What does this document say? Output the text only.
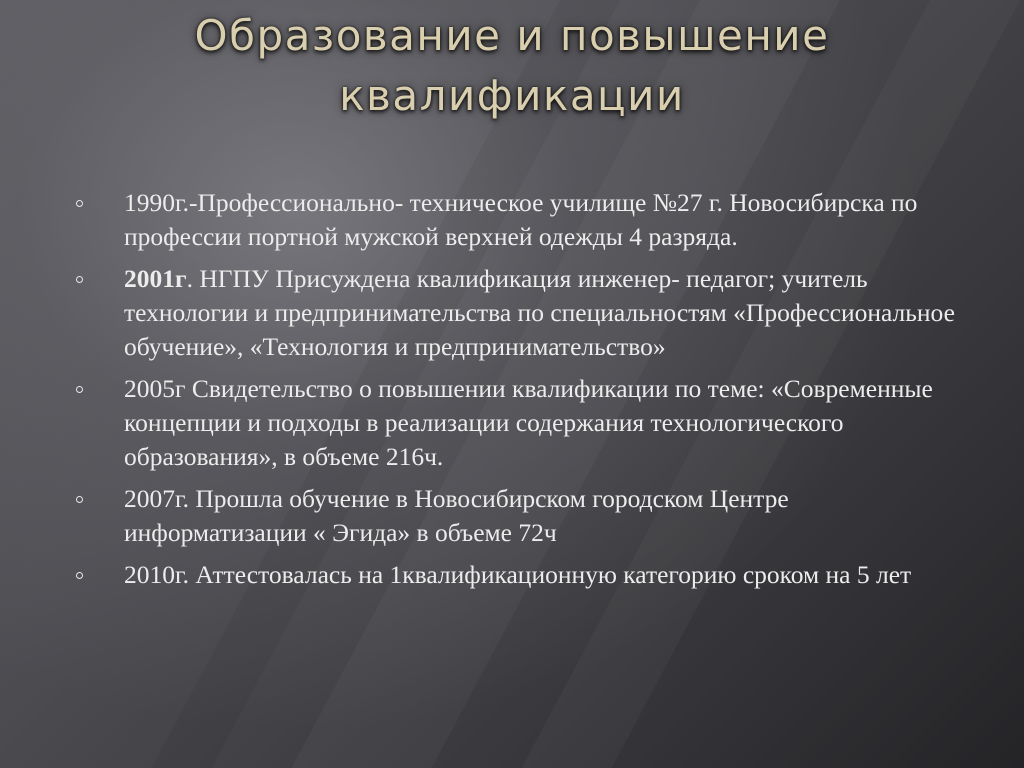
Образование и повышение
квалификации
1990г.-Профессионально- техническое училище №27 г. Новосибирска по профессии портной мужской верхней одежды 4 разряда.
2001г. НГПУ Присуждена квалификация инженер- педагог; учитель технологии и предпринимательства по специальностям «Профессиональное обучение», «Технология и предпринимательство»
2005г Свидетельство о повышении квалификации по теме: «Современные концепции и подходы в реализации содержания технологического образования», в объеме 216ч.
2007г. Прошла обучение в Новосибирском городском Центре информатизации « Эгида» в объеме 72ч
2010г. Аттестовалась на 1квалификационную категорию сроком на 5 лет
